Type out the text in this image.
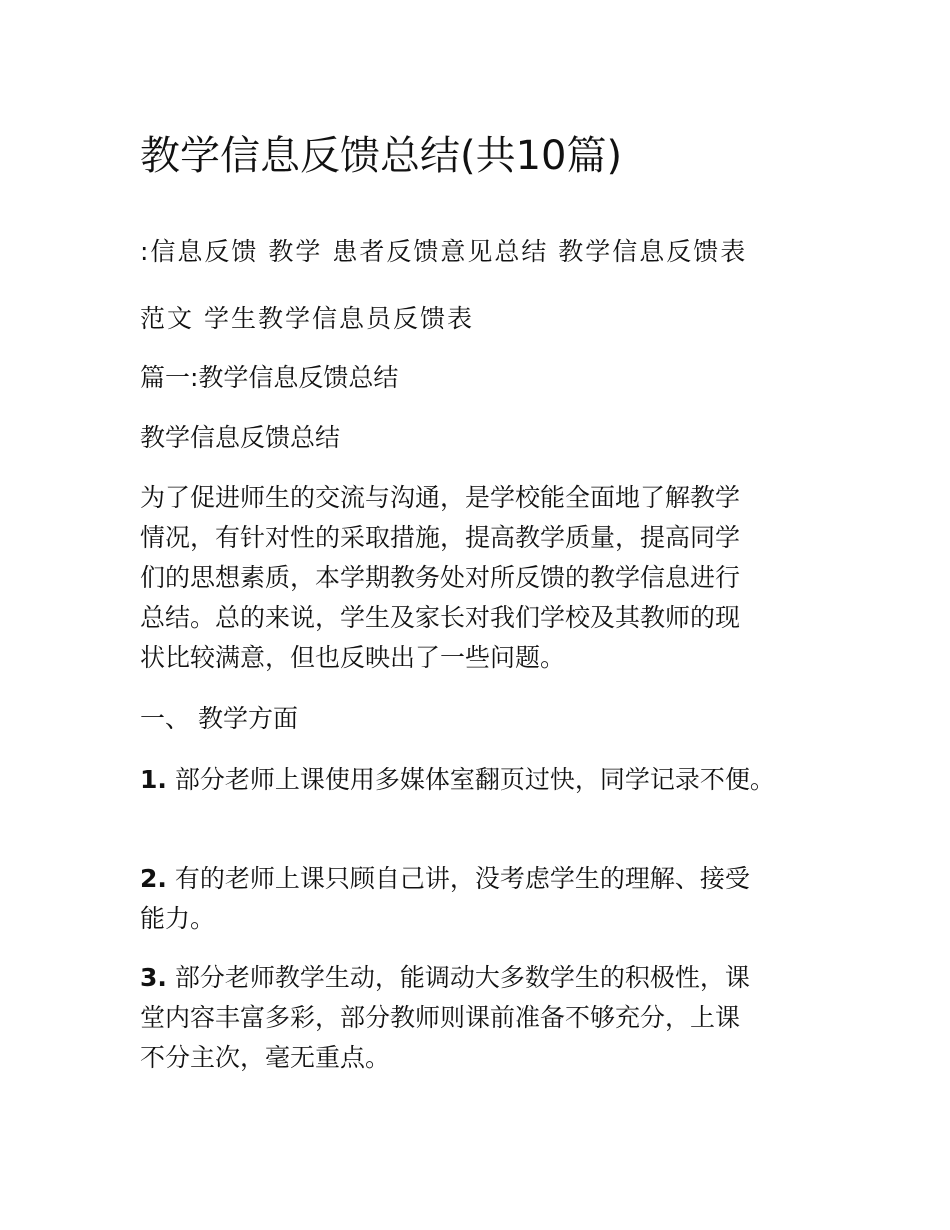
教学信息反馈总结(共10篇)
:信息反馈 教学 患者反馈意见总结 教学信息反馈表
范文 学生教学信息员反馈表
篇一:教学信息反馈总结
教学信息反馈总结
为了促进师生的交流与沟通，是学校能全面地了解教学
情况，有针对性的采取措施，提高教学质量，提高同学
们的思想素质，本学期教务处对所反馈的教学信息进行
总结。总的来说，学生及家长对我们学校及其教师的现
状比较满意，但也反映出了一些问题。
一、 教学方面
1. 部分老师上课使用多媒体室翻页过快，同学记录不便。
2. 有的老师上课只顾自己讲，没考虑学生的理解、接受
能力。
3. 部分老师教学生动，能调动大多数学生的积极性，课
堂内容丰富多彩，部分教师则课前准备不够充分，上课
不分主次，毫无重点。
